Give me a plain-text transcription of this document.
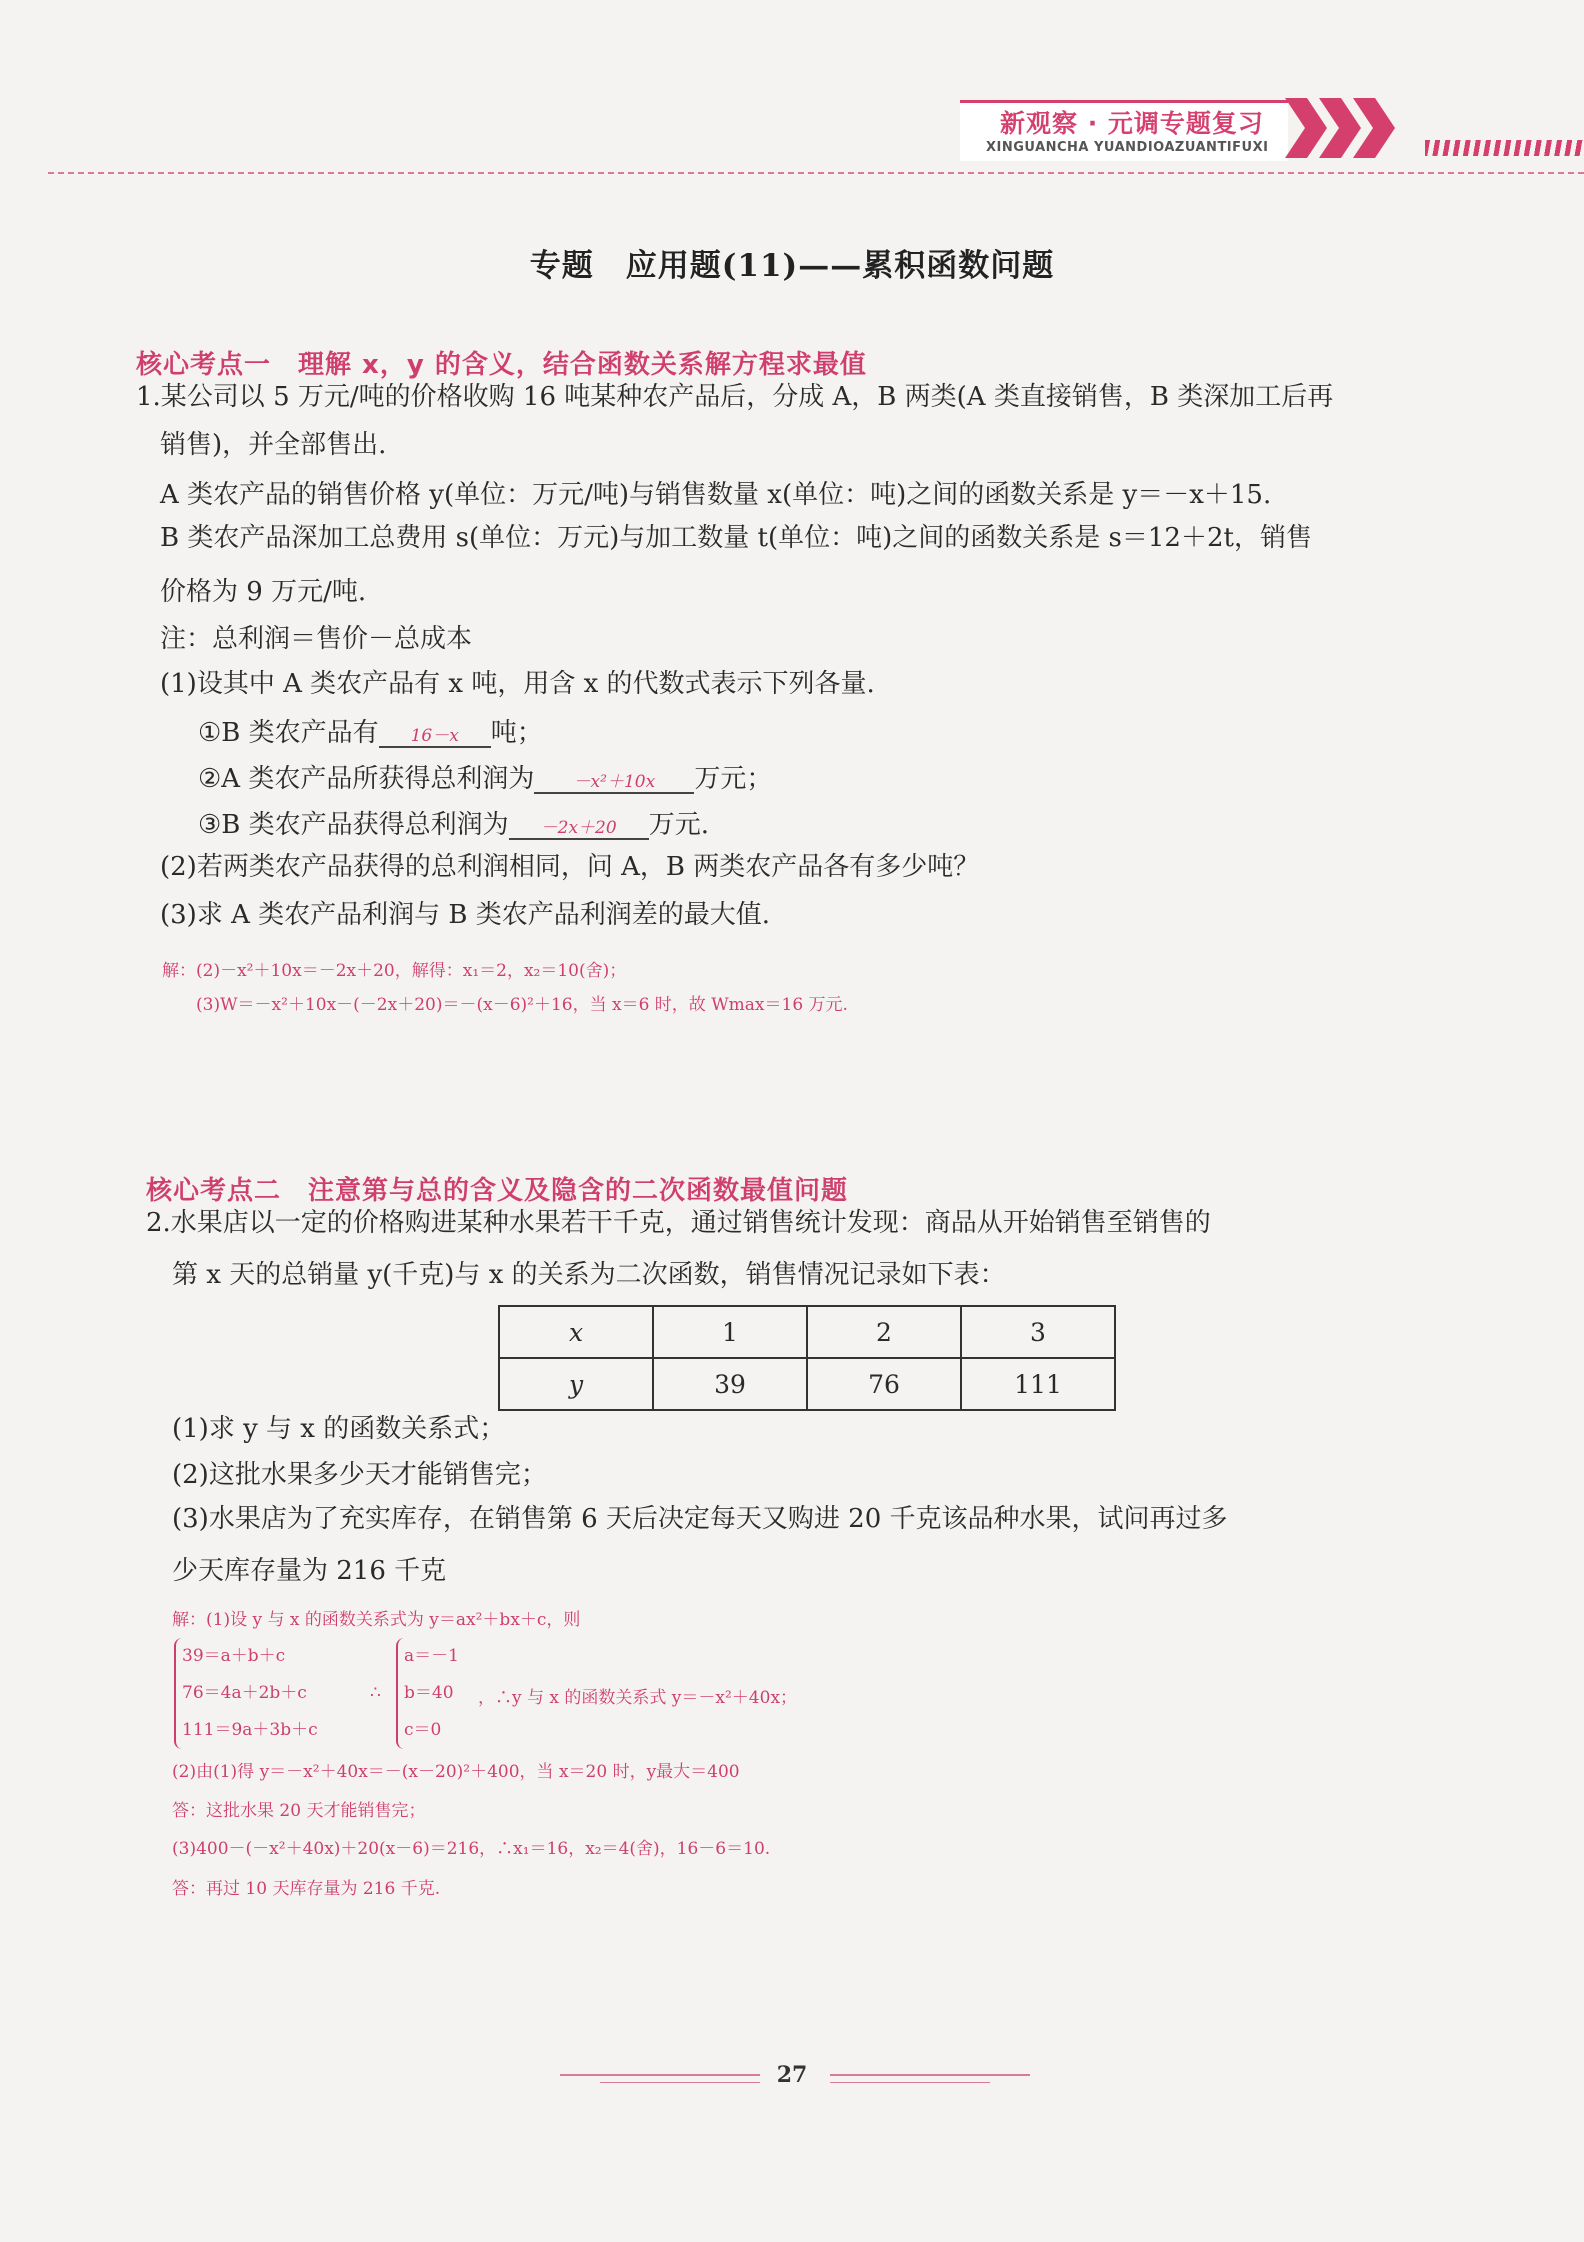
新观察 · 元调专题复习
XINGUANCHA YUANDIOAZUANTIFUXI
专题　应用题(11)——累积函数问题
核心考点一　理解 x，y 的含义，结合函数关系解方程求最值
1.某公司以 5 万元/吨的价格收购 16 吨某种农产品后，分成 A，B 两类(A 类直接销售，B 类深加工后再
销售)，并全部售出.
A 类农产品的销售价格 y(单位：万元/吨)与销售数量 x(单位：吨)之间的函数关系是 y＝－x＋15.
B 类农产品深加工总费用 s(单位：万元)与加工数量 t(单位：吨)之间的函数关系是 s＝12＋2t，销售
价格为 9 万元/吨.
注：总利润＝售价－总成本
(1)设其中 A 类农产品有 x 吨，用含 x 的代数式表示下列各量.
①B 类农产品有 16－x 吨；
②A 类农产品所获得总利润为 －x²＋10x 万元；
③B 类农产品获得总利润为 －2x＋20 万元.
(2)若两类农产品获得的总利润相同，问 A，B 两类农产品各有多少吨？
(3)求 A 类农产品利润与 B 类农产品利润差的最大值.
解：(2)－x²＋10x＝－2x＋20，解得：x₁＝2，x₂＝10(舍)；
(3)W＝－x²＋10x－(－2x＋20)＝－(x－6)²＋16，当 x＝6 时，故 Wmax＝16 万元.
核心考点二　注意第与总的含义及隐含的二次函数最值问题
2.水果店以一定的价格购进某种水果若干千克，通过销售统计发现：商品从开始销售至销售的
第 x 天的总销量 y(千克)与 x 的关系为二次函数，销售情况记录如下表：
x	1	2	3
y	39	76	111
(1)求 y 与 x 的函数关系式；
(2)这批水果多少天才能销售完；
(3)水果店为了充实库存，在销售第 6 天后决定每天又购进 20 千克该品种水果，试问再过多
少天库存量为 216 千克
解：(1)设 y 与 x 的函数关系式为 y＝ax²＋bx＋c，则
39＝a＋b＋c
76＝4a＋2b＋c
111＝9a＋3b＋c
∴
a＝－1
b＝40
c＝0
，∴y 与 x 的函数关系式 y＝－x²＋40x；
(2)由(1)得 y＝－x²＋40x＝－(x－20)²＋400，当 x＝20 时，y最大＝400
答：这批水果 20 天才能销售完；
(3)400－(－x²＋40x)＋20(x－6)＝216，∴x₁＝16，x₂＝4(舍)，16－6＝10.
答：再过 10 天库存量为 216 千克.
27
